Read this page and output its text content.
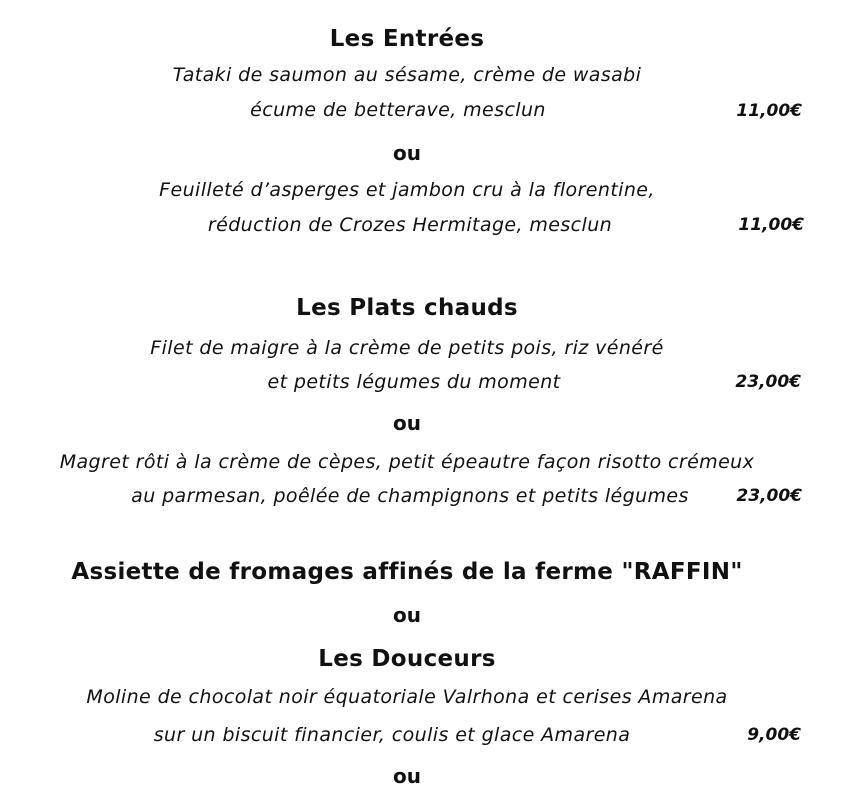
Les Entrées
Tataki de saumon au sésame, crème de wasabi
écume de betterave, mesclun	11,00€
ou
Feuilleté d’asperges et jambon cru à la florentine,
réduction de Crozes Hermitage, mesclun	11,00€
Les Plats chauds
Filet de maigre à la crème de petits pois, riz vénéré
et petits légumes du moment	23,00€
ou
Magret rôti à la crème de cèpes, petit épeautre façon risotto crémeux
au parmesan, poêlée de champignons et petits légumes	23,00€
Assiette de fromages affinés de la ferme "RAFFIN"
ou
Les Douceurs
Moline de chocolat noir équatoriale Valrhona et cerises Amarena
sur un biscuit financier, coulis et glace Amarena	9,00€
ou
